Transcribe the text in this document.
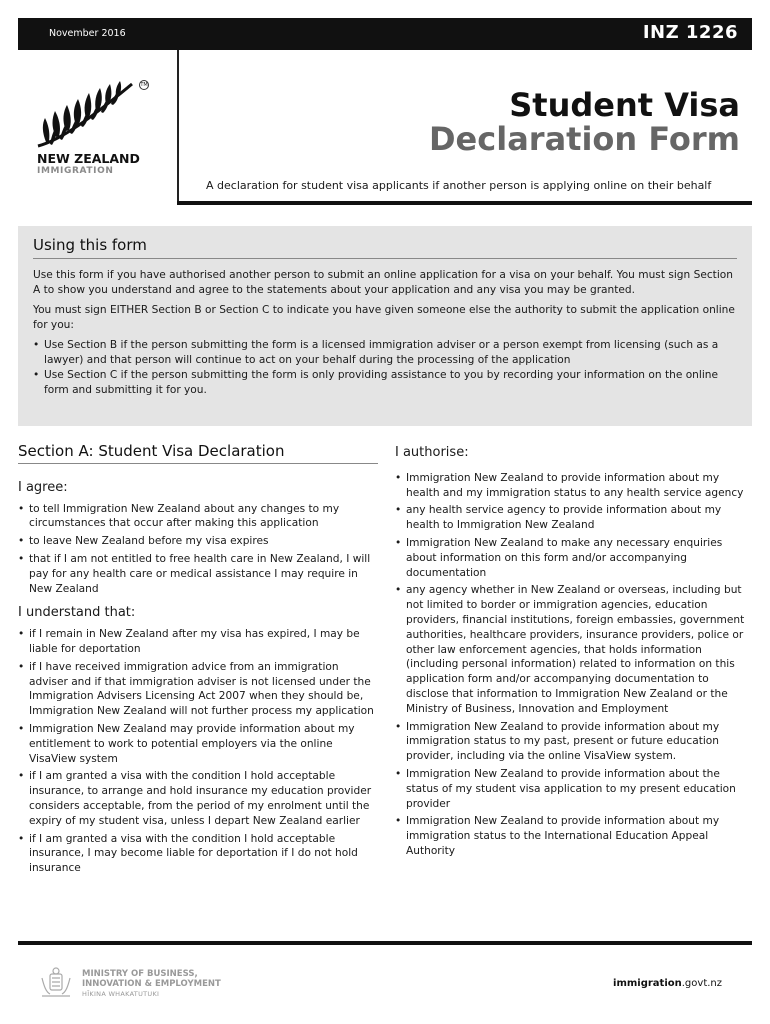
November 2016	INZ 1226
TM
NEW ZEALAND
IMMIGRATION
Student Visa
Declaration Form
A declaration for student visa applicants if another person is applying online on their behalf
Using this form

Use this form if you have authorised another person to submit an online application for a visa on your behalf. You must sign Section A to show you understand and agree to the statements about your application and any visa you may be granted.

You must sign EITHER Section B or Section C to indicate you have given someone else the authority to submit the application online for you:

• Use Section B if the person submitting the form is a licensed immigration adviser or a person exempt from licensing (such as a lawyer) and that person will continue to act on your behalf during the processing of the application
• Use Section C if the person submitting the form is only providing assistance to you by recording your information on the online form and submitting it for you.
Section A: Student Visa Declaration
I agree:
• to tell Immigration New Zealand about any changes to my circumstances that occur after making this application
• to leave New Zealand before my visa expires
• that if I am not entitled to free health care in New Zealand, I will pay for any health care or medical assistance I may require in New Zealand
I understand that:
• if I remain in New Zealand after my visa has expired, I may be liable for deportation
• if I have received immigration advice from an immigration adviser and if that immigration adviser is not licensed under the Immigration Advisers Licensing Act 2007 when they should be, Immigration New Zealand will not further process my application
• Immigration New Zealand may provide information about my entitlement to work to potential employers via the online VisaView system
• if I am granted a visa with the condition I hold acceptable insurance, to arrange and hold insurance my education provider considers acceptable, from the period of my enrolment until the expiry of my student visa, unless I depart New Zealand earlier
• if I am granted a visa with the condition I hold acceptable insurance, I may become liable for deportation if I do not hold insurance
I authorise:
• Immigration New Zealand to provide information about my health and my immigration status to any health service agency
• any health service agency to provide information about my health to Immigration New Zealand
• Immigration New Zealand to make any necessary enquiries about information on this form and/or accompanying documentation
• any agency whether in New Zealand or overseas, including but not limited to border or immigration agencies, education providers, financial institutions, foreign embassies, government authorities, healthcare providers, insurance providers, police or other law enforcement agencies, that holds information (including personal information) related to information on this application form and/or accompanying documentation to disclose that information to Immigration New Zealand or the Ministry of Business, Innovation and Employment
• Immigration New Zealand to provide information about my immigration status to my past, present or future education provider, including via the online VisaView system.
• Immigration New Zealand to provide information about the status of my student visa application to my present education provider
• Immigration New Zealand to provide information about my immigration status to the International Education Appeal Authority
MINISTRY OF BUSINESS,
INNOVATION & EMPLOYMENT
HĪKINA WHAKATUTUKI
immigration.govt.nz
